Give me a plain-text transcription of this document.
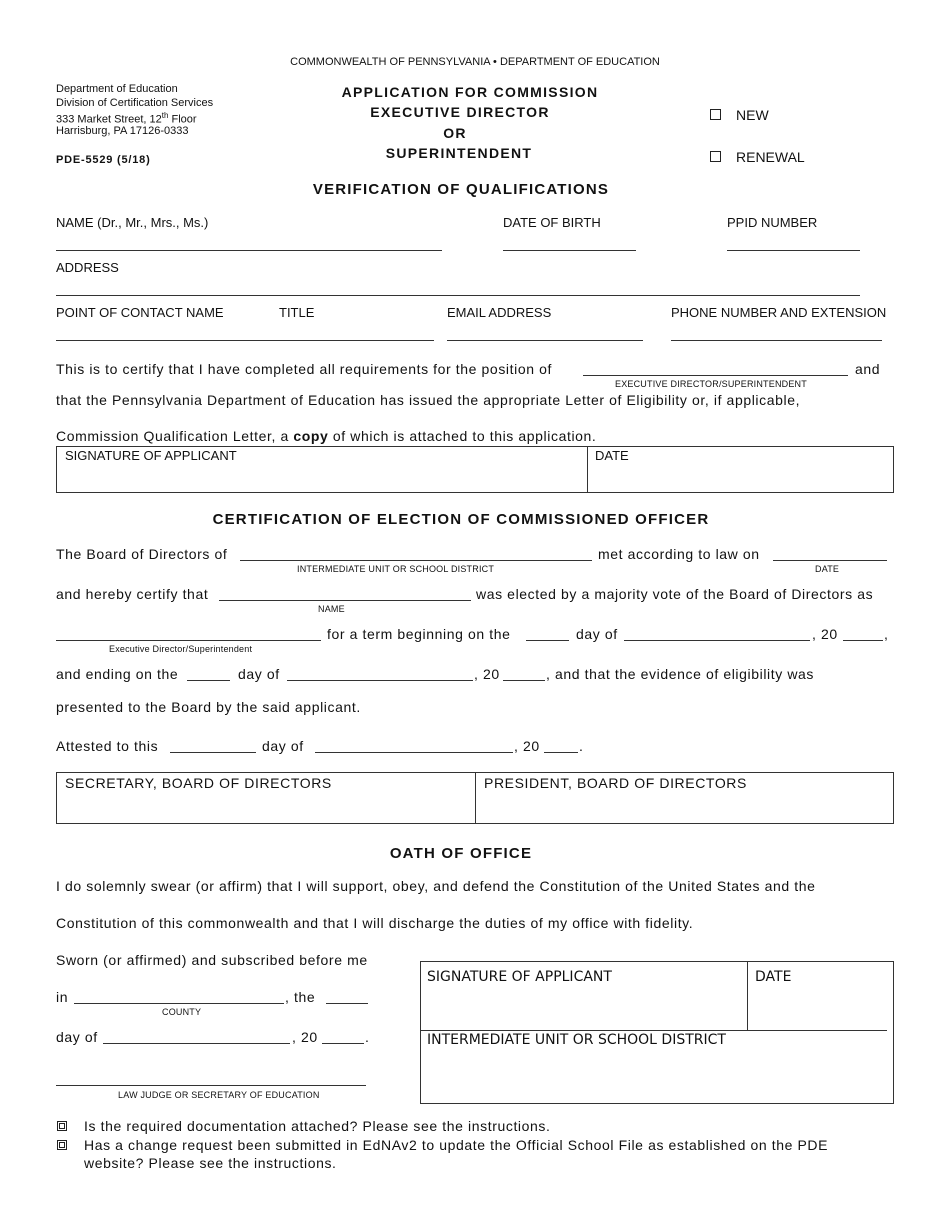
COMMONWEALTH OF PENNSYLVANIA • DEPARTMENT OF EDUCATION
Department of Education
Division of Certification Services
333 Market Street, 12th Floor
Harrisburg, PA 17126-0333
PDE-5529 (5/18)
APPLICATION FOR COMMISSION
EXECUTIVE DIRECTOR
OR
SUPERINTENDENT
NEW
RENEWAL
VERIFICATION OF QUALIFICATIONS
NAME (Dr., Mr., Mrs., Ms.)	DATE OF BIRTH	PPID NUMBER
ADDRESS
POINT OF CONTACT NAME	TITLE	EMAIL ADDRESS	PHONE NUMBER AND EXTENSION
This is to certify that I have completed all requirements for the position of	and
EXECUTIVE DIRECTOR/SUPERINTENDENT
that the Pennsylvania Department of Education has issued the appropriate Letter of Eligibility or, if applicable,
Commission Qualification Letter, a copy of which is attached to this application.
SIGNATURE OF APPLICANT	DATE
CERTIFICATION OF ELECTION OF COMMISSIONED OFFICER
The Board of Directors of	met according to law on
INTERMEDIATE UNIT OR SCHOOL DISTRICT	DATE
and hereby certify that	was elected by a majority vote of the Board of Directors as
NAME
for a term beginning on the	day of	, 20	,
Executive Director/Superintendent
and ending on the	day of	, 20	, and that the evidence of eligibility was
presented to the Board by the said applicant.
Attested to this	day of	, 20	.
SECRETARY, BOARD OF DIRECTORS	PRESIDENT, BOARD OF DIRECTORS
OATH OF OFFICE
I do solemnly swear (or affirm) that I will support, obey, and defend the Constitution of the United States and the
Constitution of this commonwealth and that I will discharge the duties of my office with fidelity.
Sworn (or affirmed) and subscribed before me
in	, the
COUNTY
day of	, 20	.
LAW JUDGE OR SECRETARY OF EDUCATION
SIGNATURE OF APPLICANT	DATE
INTERMEDIATE UNIT OR SCHOOL DISTRICT
Is the required documentation attached? Please see the instructions.
Has a change request been submitted in EdNAv2 to update the Official School File as established on the PDE
website? Please see the instructions.
